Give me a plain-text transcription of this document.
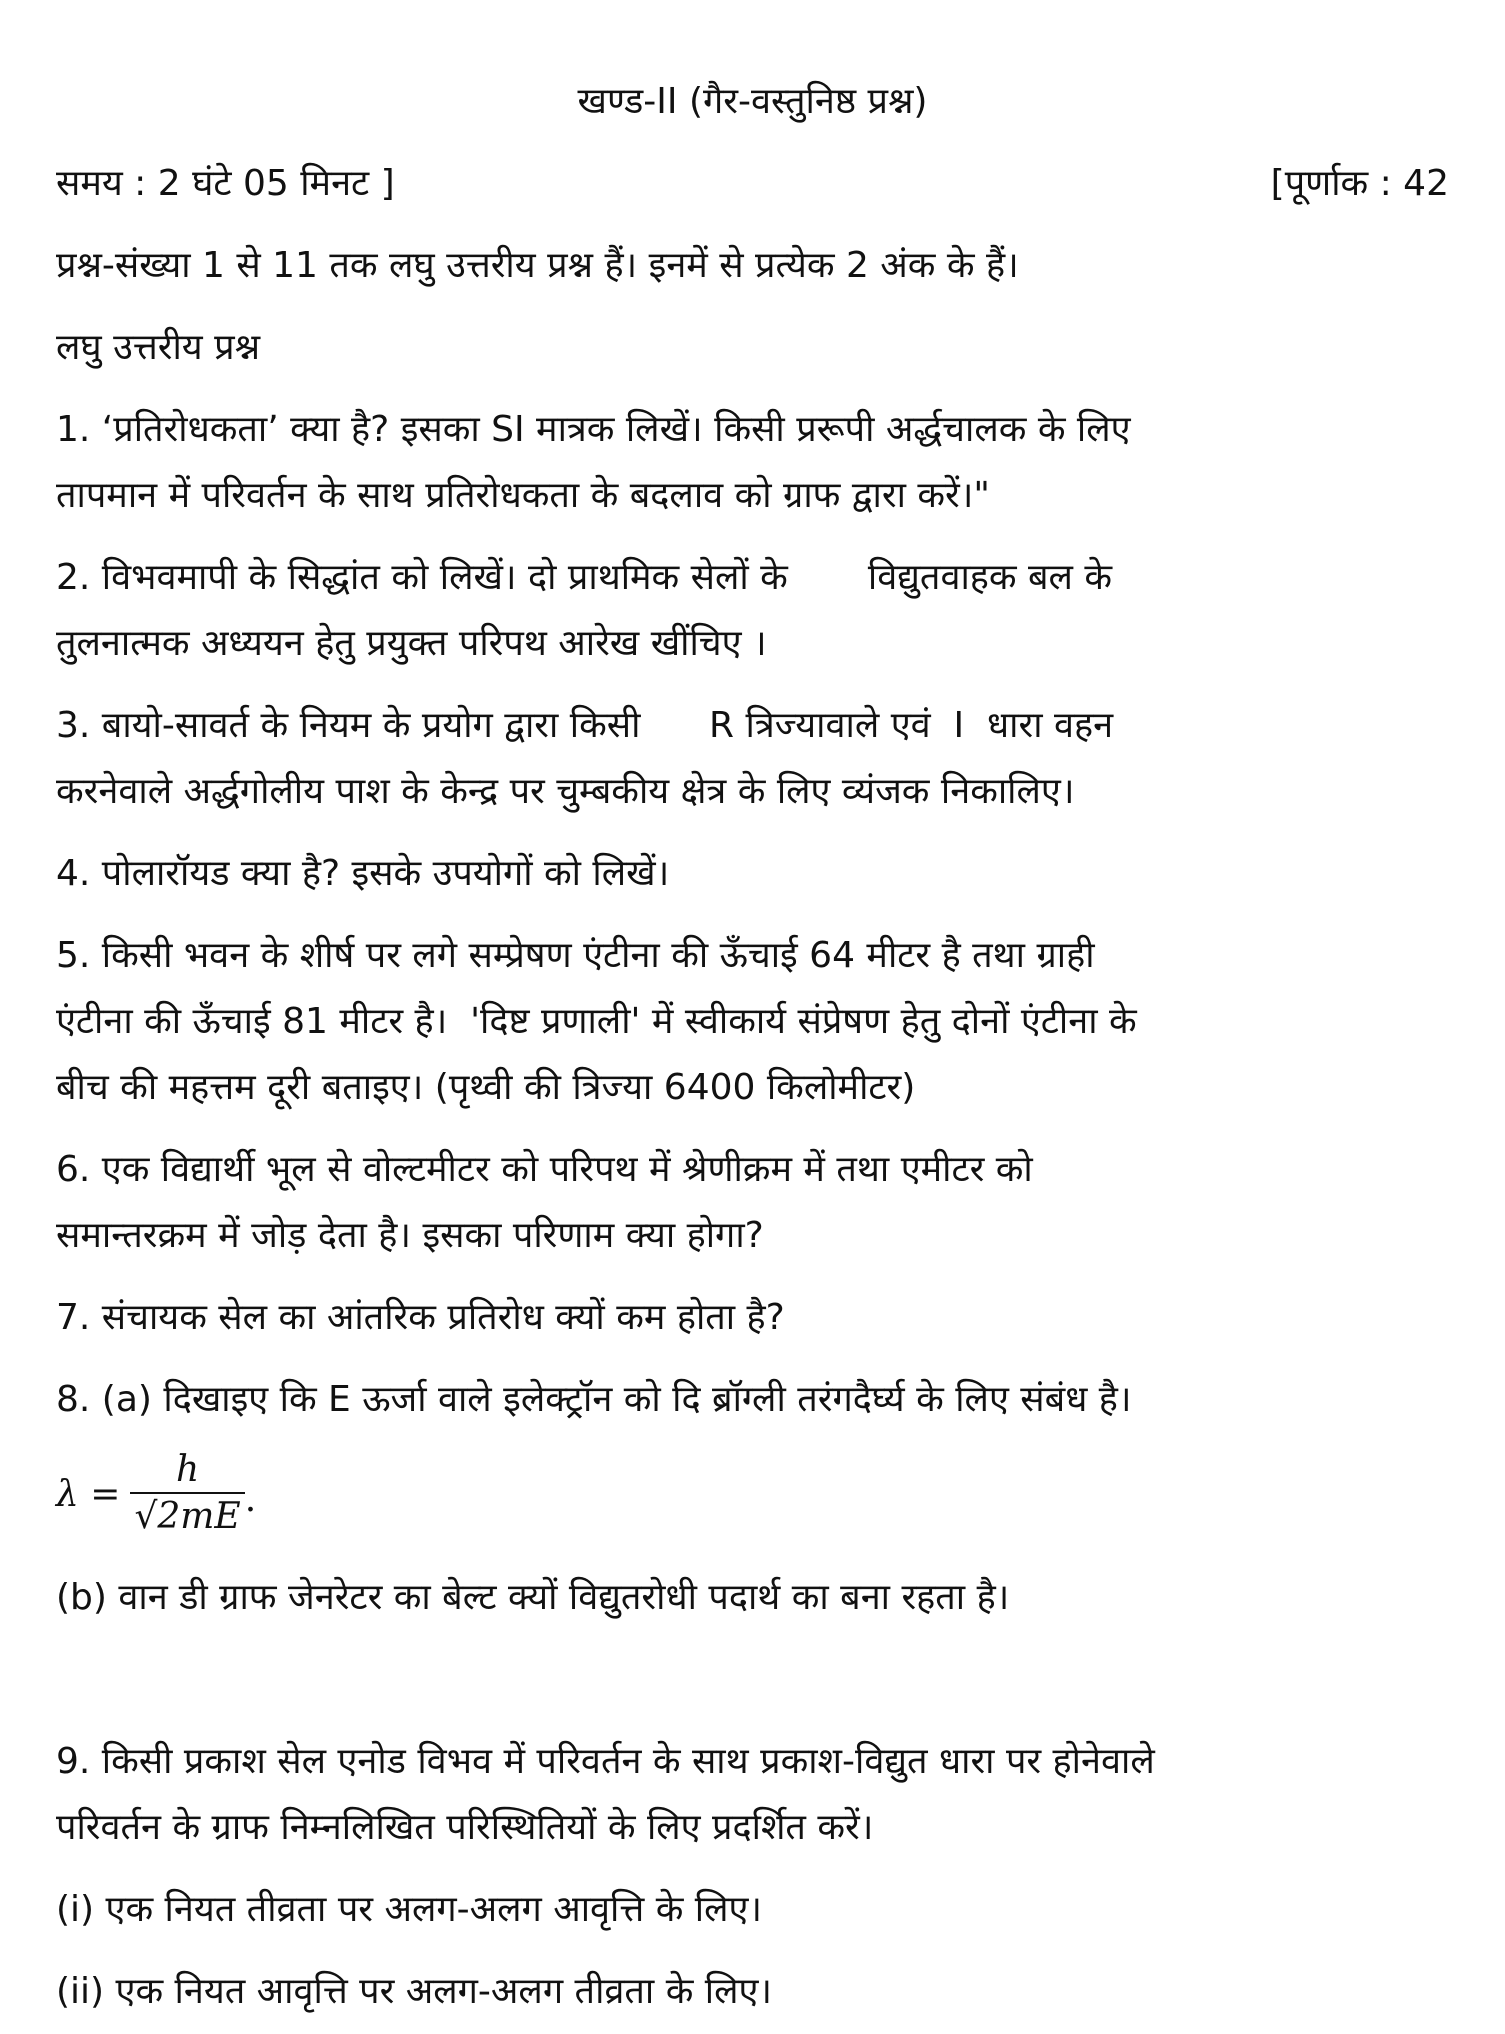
खण्ड-II (गैर-वस्तुनिष्ठ प्रश्न)
समय : 2 घंटे 05 मिनट ]	[पूर्णाक : 42
प्रश्न-संख्या 1 से 11 तक लघु उत्तरीय प्रश्न हैं। इनमें से प्रत्येक 2 अंक के हैं।
लघु उत्तरीय प्रश्न
1. ‘प्रतिरोधकता’ क्या है? इसका SI मात्रक लिखें। किसी प्ररूपी अर्द्धचालक के लिए
तापमान में परिवर्तन के साथ प्रतिरोधकता के बदलाव को ग्राफ द्वारा करें।"
2. विभवमापी के सिद्धांत को लिखें। दो प्राथमिक सेलों के       विद्युतवाहक बल के
तुलनात्मक अध्ययन हेतु प्रयुक्त परिपथ आरेख खींचिए ।
3. बायो-सावर्त के नियम के प्रयोग द्वारा किसी      R त्रिज्यावाले एवं  I  धारा वहन
करनेवाले अर्द्धगोलीय पाश के केन्द्र पर चुम्बकीय क्षेत्र के लिए व्यंजक निकालिए।
4. पोलारॉयड क्या है? इसके उपयोगों को लिखें।
5. किसी भवन के शीर्ष पर लगे सम्प्रेषण एंटीना की ऊँचाई 64 मीटर है तथा ग्राही
एंटीना की ऊँचाई 81 मीटर है।  'दिष्ट प्रणाली' में स्वीकार्य संप्रेषण हेतु दोनों एंटीना के
बीच की महत्तम दूरी बताइए। (पृथ्वी की त्रिज्या 6400 किलोमीटर)
6. एक विद्यार्थी भूल से वोल्टमीटर को परिपथ में श्रेणीक्रम में तथा एमीटर को
समान्तरक्रम में जोड़ देता है। इसका परिणाम क्या होगा?
7. संचायक सेल का आंतरिक प्रतिरोध क्यों कम होता है?
8. (a) दिखाइए कि E ऊर्जा वाले इलेक्ट्रॉन को दि ब्रॉग्ली तरंगदैर्घ्य के लिए संबंध है।
$\lambda = \frac{h}{√2mE}$ .
(b) वान डी ग्राफ जेनरेटर का बेल्ट क्यों विद्युतरोधी पदार्थ का बना रहता है।
9. किसी प्रकाश सेल एनोड विभव में परिवर्तन के साथ प्रकाश-विद्युत धारा पर होनेवाले
परिवर्तन के ग्राफ निम्नलिखित परिस्थितियों के लिए प्रदर्शित करें।
(i) एक नियत तीव्रता पर अलग-अलग आवृत्ति के लिए।
(ii) एक नियत आवृत्ति पर अलग-अलग तीव्रता के लिए।
